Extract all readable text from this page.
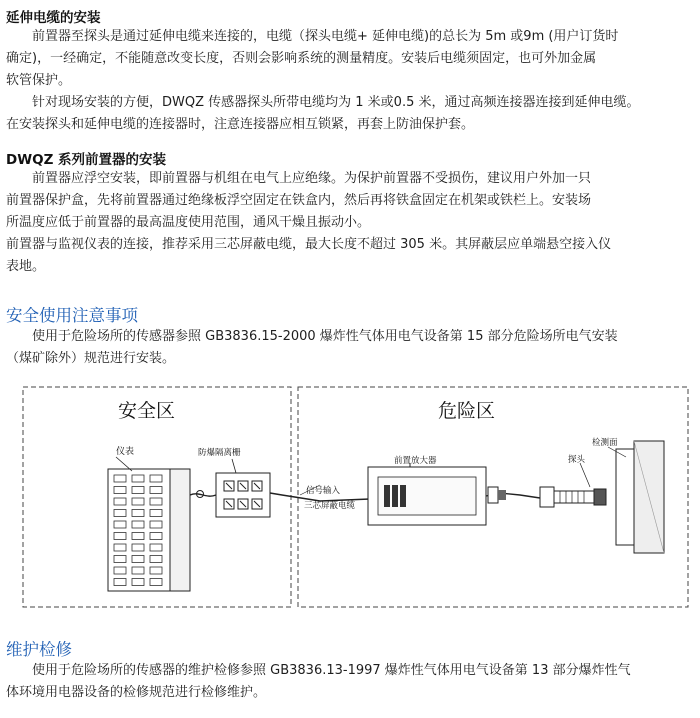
延伸电缆的安装
　　前置器至探头是通过延伸电缆来连接的，电缆（探头电缆+ 延伸电缆)的总长为 5m 或9m (用户订货时
确定)，一经确定，不能随意改变长度，否则会影响系统的测量精度。安装后电缆须固定，也可外加金属
软管保护。
　　针对现场安装的方便，DWQZ 传感器探头所带电缆均为 1 米或0.5 米，通过高频连接器连接到延伸电缆。
在安装探头和延伸电缆的连接器时，注意连接器应相互锁紧，再套上防油保护套。
DWQZ 系列前置器的安装
　　前置器应浮空安装，即前置器与机组在电气上应绝缘。为保护前置器不受损伤，建议用户外加一只
前置器保护盒，先将前置器通过绝缘板浮空固定在铁盒内，然后再将铁盒固定在机架或铁栏上。安装场
所温度应低于前置器的最高温度使用范围，通风干燥且振动小。
前置器与监视仪表的连接，推荐采用三芯屏蔽电缆，最大长度不超过 305 米。其屏蔽层应单端悬空接入仪
表地。
安全使用注意事项
　　使用于危险场所的传感器参照 GB3836.15-2000 爆炸性气体用电气设备第 15 部分危险场所电气安装
（煤矿除外）规范进行安装。
安全区	危险区
仪表	防爆隔离栅
信号输入
三芯屏蔽电缆
前置放大器	探头
检测面
维护检修
　　使用于危险场所的传感器的维护检修参照 GB3836.13-1997 爆炸性气体用电气设备第 13 部分爆炸性气
体环境用电器设备的检修规范进行检修维护。
